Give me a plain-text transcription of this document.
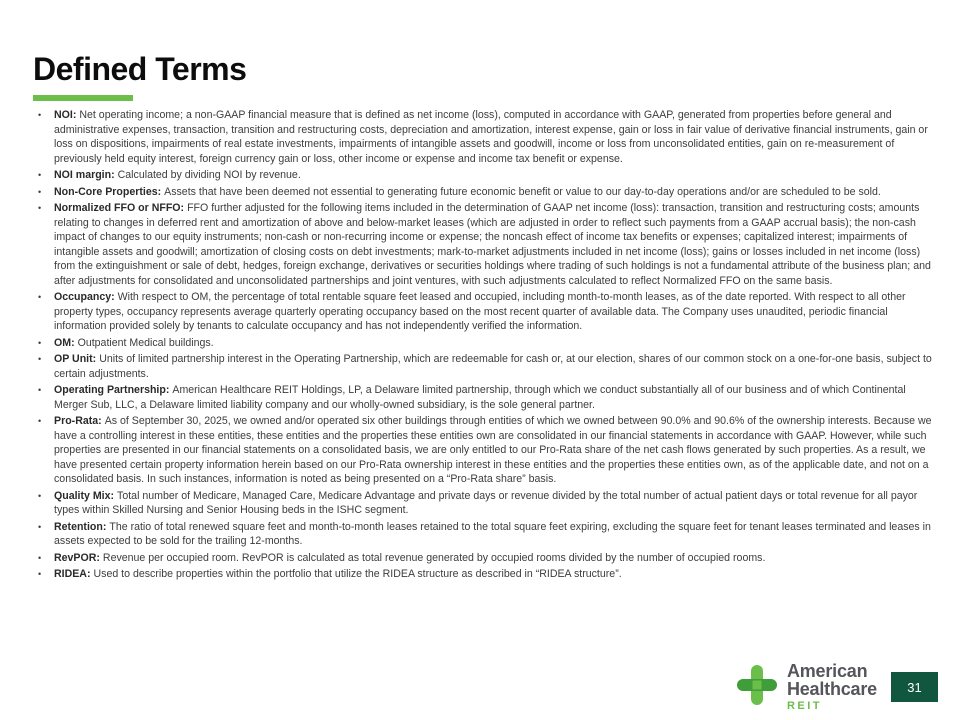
Defined Terms
• NOI: Net operating income; a non-GAAP financial measure that is defined as net income (loss), computed in accordance with GAAP, generated from properties before general and administrative expenses, transaction, transition and restructuring costs, depreciation and amortization, interest expense, gain or loss in fair value of derivative financial instruments, gain or loss on dispositions, impairments of real estate investments, impairments of intangible assets and goodwill, income or loss from unconsolidated entities, gain on re-measurement of previously held equity interest, foreign currency gain or loss, other income or expense and income tax benefit or expense.
• NOI margin: Calculated by dividing NOI by revenue.
• Non-Core Properties: Assets that have been deemed not essential to generating future economic benefit or value to our day-to-day operations and/or are scheduled to be sold.
• Normalized FFO or NFFO: FFO further adjusted for the following items included in the determination of GAAP net income (loss): transaction, transition and restructuring costs; amounts relating to changes in deferred rent and amortization of above and below-market leases (which are adjusted in order to reflect such payments from a GAAP accrual basis); the non-cash impact of changes to our equity instruments; non-cash or non-recurring income or expense; the noncash effect of income tax benefits or expenses; capitalized interest; impairments of intangible assets and goodwill; amortization of closing costs on debt investments; mark-to-market adjustments included in net income (loss); gains or losses included in net income (loss) from the extinguishment or sale of debt, hedges, foreign exchange, derivatives or securities holdings where trading of such holdings is not a fundamental attribute of the business plan; and after adjustments for consolidated and unconsolidated partnerships and joint ventures, with such adjustments calculated to reflect Normalized FFO on the same basis.
• Occupancy: With respect to OM, the percentage of total rentable square feet leased and occupied, including month-to-month leases, as of the date reported. With respect to all other property types, occupancy represents average quarterly operating occupancy based on the most recent quarter of available data. The Company uses unaudited, periodic financial information provided solely by tenants to calculate occupancy and has not independently verified the information.
• OM: Outpatient Medical buildings.
• OP Unit: Units of limited partnership interest in the Operating Partnership, which are redeemable for cash or, at our election, shares of our common stock on a one-for-one basis, subject to certain adjustments.
• Operating Partnership: American Healthcare REIT Holdings, LP, a Delaware limited partnership, through which we conduct substantially all of our business and of which Continental Merger Sub, LLC, a Delaware limited liability company and our wholly-owned subsidiary, is the sole general partner.
• Pro-Rata: As of September 30, 2025, we owned and/or operated six other buildings through entities of which we owned between 90.0% and 90.6% of the ownership interests. Because we have a controlling interest in these entities, these entities and the properties these entities own are consolidated in our financial statements in accordance with GAAP. However, while such properties are presented in our financial statements on a consolidated basis, we are only entitled to our Pro-Rata share of the net cash flows generated by such properties. As a result, we have presented certain property information herein based on our Pro-Rata ownership interest in these entities and the properties these entities own, as of the applicable date, and not on a consolidated basis. In such instances, information is noted as being presented on a “Pro-Rata share” basis.
• Quality Mix: Total number of Medicare, Managed Care, Medicare Advantage and private days or revenue divided by the total number of actual patient days or total revenue for all payor types within Skilled Nursing and Senior Housing beds in the ISHC segment.
• Retention: The ratio of total renewed square feet and month-to-month leases retained to the total square feet expiring, excluding the square feet for tenant leases terminated and leases in assets expected to be sold for the trailing 12-months.
• RevPOR: Revenue per occupied room. RevPOR is calculated as total revenue generated by occupied rooms divided by the number of occupied rooms.
• RIDEA: Used to describe properties within the portfolio that utilize the RIDEA structure as described in “RIDEA structure”.
American
Healthcare
REIT
31
